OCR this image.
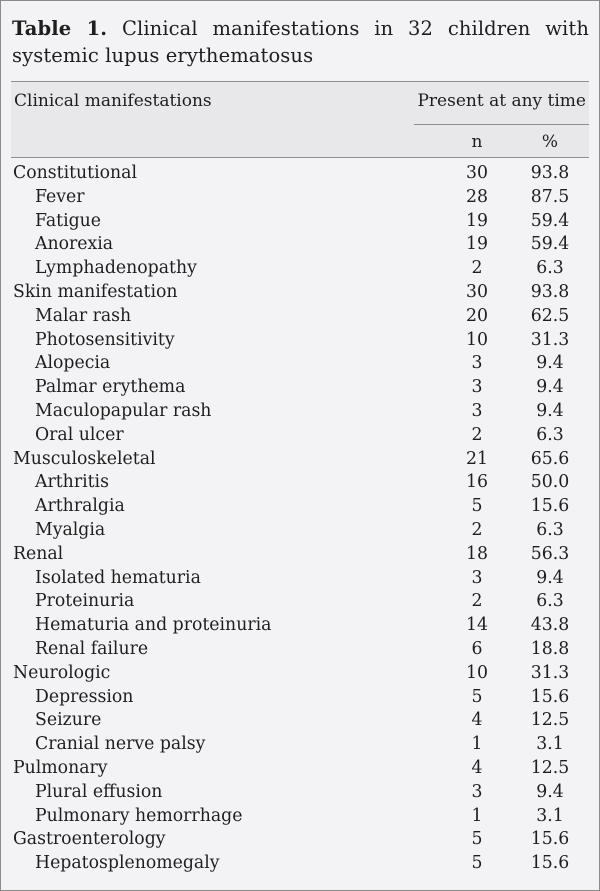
Table 1. Clinical manifestations in 32 children with systemic lupus erythematosus
Clinical manifestations	Present at any time
n	%
Constitutional	30	93.8
Fever	28	87.5
Fatigue	19	59.4
Anorexia	19	59.4
Lymphadenopathy	2	6.3
Skin manifestation	30	93.8
Malar rash	20	62.5
Photosensitivity	10	31.3
Alopecia	3	9.4
Palmar erythema	3	9.4
Maculopapular rash	3	9.4
Oral ulcer	2	6.3
Musculoskeletal	21	65.6
Arthritis	16	50.0
Arthralgia	5	15.6
Myalgia	2	6.3
Renal	18	56.3
Isolated hematuria	3	9.4
Proteinuria	2	6.3
Hematuria and proteinuria	14	43.8
Renal failure	6	18.8
Neurologic	10	31.3
Depression	5	15.6
Seizure	4	12.5
Cranial nerve palsy	1	3.1
Pulmonary	4	12.5
Plural effusion	3	9.4
Pulmonary hemorrhage	1	3.1
Gastroenterology	5	15.6
Hepatosplenomegaly	5	15.6
